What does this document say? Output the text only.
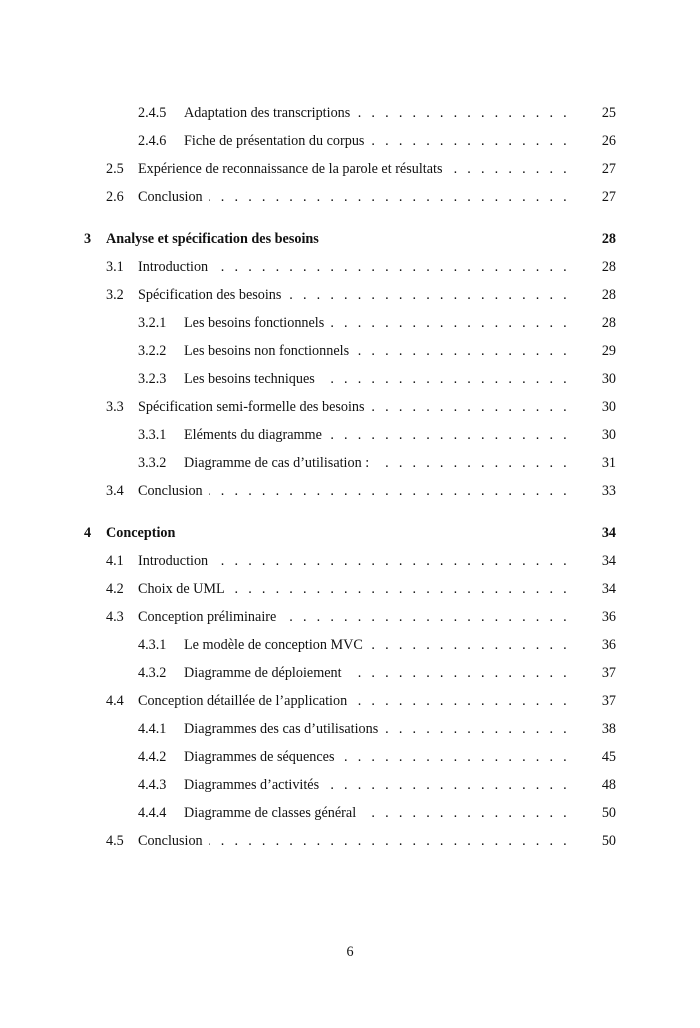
2.4.5	Adaptation des transcriptions . . .	25
2.4.6	Fiche de présentation du corpus . . .	26
2.5	Expérience de reconnaissance de la parole et résultats . . .	27
2.6	Conclusion . . .	27
3	Analyse et spécification des besoins	28
3.1	Introduction . . .	28
3.2	Spécification des besoins . . .	28
3.2.1	Les besoins fonctionnels . . .	28
3.2.2	Les besoins non fonctionnels . . .	29
3.2.3	Les besoins techniques . . .	30
3.3	Spécification semi-formelle des besoins . . .	30
3.3.1	Eléments du diagramme . . .	30
3.3.2	Diagramme de cas d’utilisation : . . .	31
3.4	Conclusion . . .	33
4	Conception	34
4.1	Introduction . . .	34
4.2	Choix de UML . . .	34
4.3	Conception préliminaire . . .	36
4.3.1	Le modèle de conception MVC . . .	36
4.3.2	Diagramme de déploiement . . .	37
4.4	Conception détaillée de l’application . . .	37
4.4.1	Diagrammes des cas d’utilisations . . .	38
4.4.2	Diagrammes de séquences . . .	45
4.4.3	Diagrammes d’activités . . .	48
4.4.4	Diagramme de classes général . . .	50
4.5	Conclusion . . .	50
6
